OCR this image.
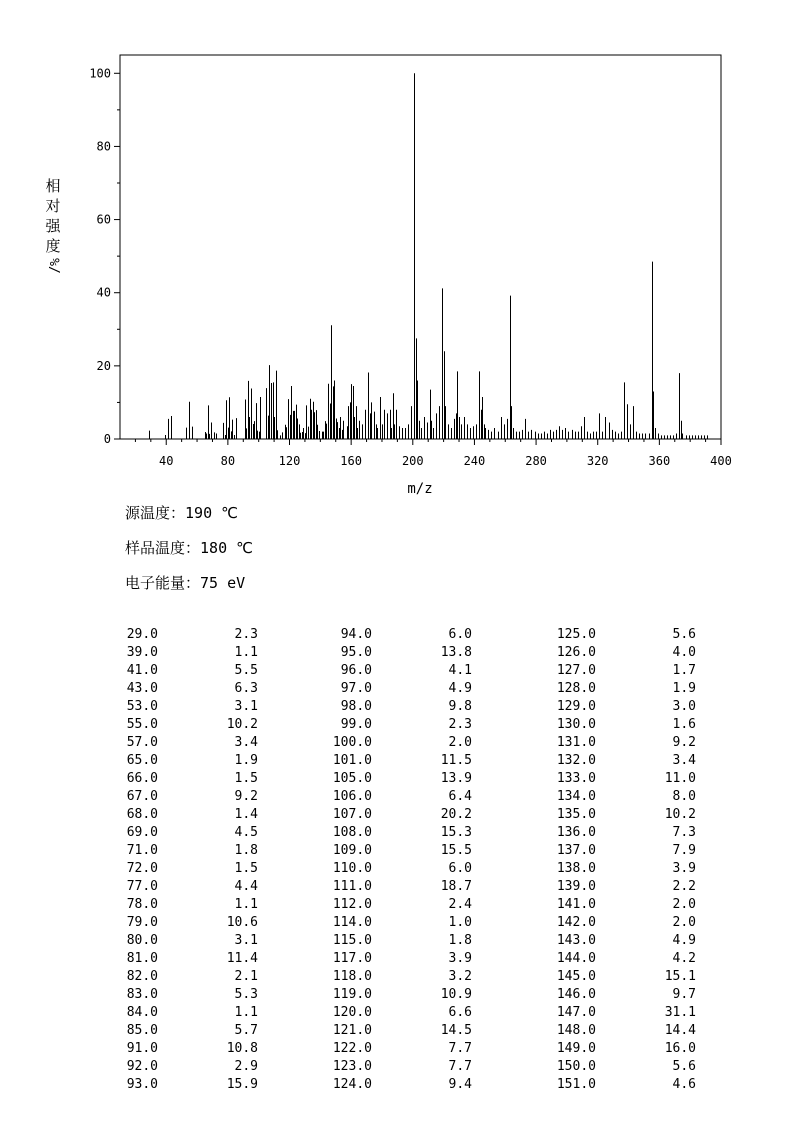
0
20
40
60
80
100
40	80	120	160	200	240	280	320	360	400
m/z
相
对
强
度
%/
源温度：190 ℃
样品温度：180 ℃
电子能量：75 eV
29.0	2.3	94.0	6.0	125.0	5.6
39.0	1.1	95.0	13.8	126.0	4.0
41.0	5.5	96.0	4.1	127.0	1.7
43.0	6.3	97.0	4.9	128.0	1.9
53.0	3.1	98.0	9.8	129.0	3.0
55.0	10.2	99.0	2.3	130.0	1.6
57.0	3.4	100.0	2.0	131.0	9.2
65.0	1.9	101.0	11.5	132.0	3.4
66.0	1.5	105.0	13.9	133.0	11.0
67.0	9.2	106.0	6.4	134.0	8.0
68.0	1.4	107.0	20.2	135.0	10.2
69.0	4.5	108.0	15.3	136.0	7.3
71.0	1.8	109.0	15.5	137.0	7.9
72.0	1.5	110.0	6.0	138.0	3.9
77.0	4.4	111.0	18.7	139.0	2.2
78.0	1.1	112.0	2.4	141.0	2.0
79.0	10.6	114.0	1.0	142.0	2.0
80.0	3.1	115.0	1.8	143.0	4.9
81.0	11.4	117.0	3.9	144.0	4.2
82.0	2.1	118.0	3.2	145.0	15.1
83.0	5.3	119.0	10.9	146.0	9.7
84.0	1.1	120.0	6.6	147.0	31.1
85.0	5.7	121.0	14.5	148.0	14.4
91.0	10.8	122.0	7.7	149.0	16.0
92.0	2.9	123.0	7.7	150.0	5.6
93.0	15.9	124.0	9.4	151.0	4.6
